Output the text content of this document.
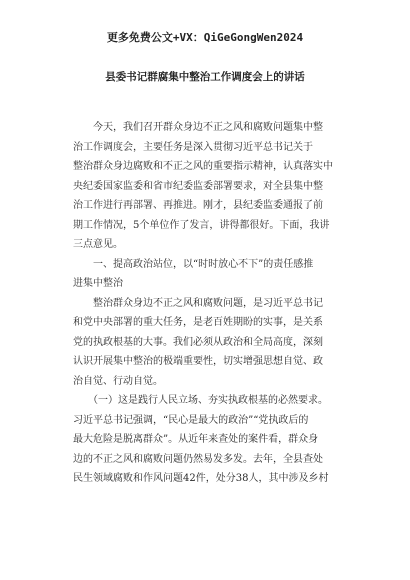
更多免费公文+VX：QiGeGongWen2024
县委书记群腐集中整治工作调度会上的讲话

　　今天，我们召开群众身边不正之风和腐败问题集中整
治工作调度会，主要任务是深入贯彻习近平总书记关于
整治群众身边腐败和不正之风的重要指示精神，认真落实中
央纪委国家监委和省市纪委监委部署要求，对全县集中整
治工作进行再部署、再推进。刚才，县纪委监委通报了前
期工作情况，5个单位作了发言，讲得都很好。下面，我讲
三点意见。

　　一、提高政治站位，以“时时放心不下”的责任感推
进集中整治

　　整治群众身边不正之风和腐败问题，是习近平总书记
和党中央部署的重大任务，是老百姓期盼的实事，是关系
党的执政根基的大事。我们必须从政治和全局高度，深刻
认识开展集中整治的极端重要性，切实增强思想自觉、政
治自觉、行动自觉。

　　（一）这是践行人民立场、夯实执政根基的必然要求。
习近平总书记强调，“民心是最大的政治”“党执政后的
最大危险是脱离群众”。从近年来查处的案件看，群众身
边的不正之风和腐败问题仍然易发多发。去年，全县查处
民生领域腐败和作风问题42件，处分38人，其中涉及乡村
